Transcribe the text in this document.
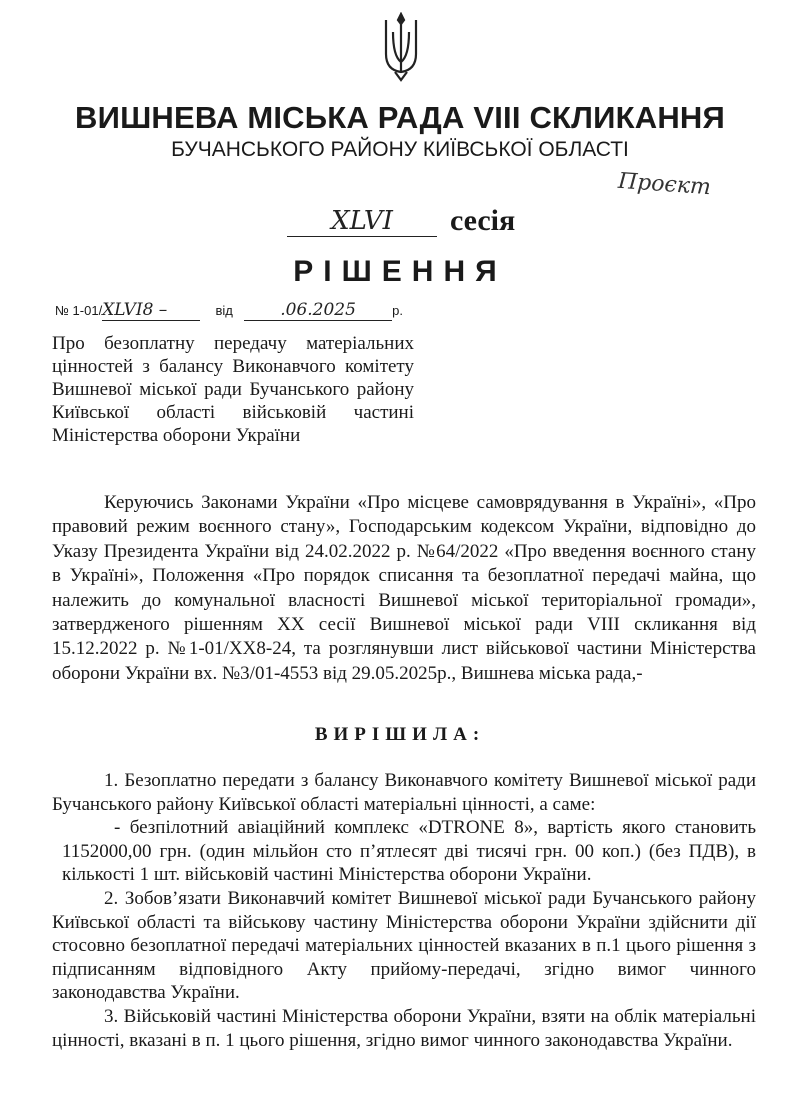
ВИШНЕВА МІСЬКА РАДА VIII СКЛИКАННЯ
БУЧАНСЬКОГО РАЙОНУ КИЇВСЬКОЇ ОБЛАСТІ
Проєкт
XLVI	сесія
РІШЕННЯ
№ 1-01/XLVI8 –	від	.06.2025	р.
Про безоплатну передачу матеріальних цінностей з балансу Виконавчого комітету Вишневої міської ради Бучанського району Київської області військовій частині Міністерства оборони України

Керуючись Законами України «Про місцеве самоврядування в Україні», «Про правовий режим воєнного стану», Господарським кодексом України, відповідно до Указу Президента України від 24.02.2022 р. №64/2022 «Про введення воєнного стану в Україні», Положення «Про порядок списання та безоплатної передачі майна, що належить до комунальної власності Вишневої міської територіальної громади», затвердженого рішенням XX сесії Вишневої міської ради VIII скликання від 15.12.2022 р. №1-01/XX8-24, та розглянувши лист військової частини Міністерства оборони України вх. №3/01-4553 від 29.05.2025р., Вишнева міська рада,-

ВИРІШИЛА:

1. Безоплатно передати з балансу Виконавчого комітету Вишневої міської ради Бучанського району Київської області матеріальні цінності, а саме:

- безпілотний авіаційний комплекс «DTRONE 8», вартість якого становить 1152000,00 грн. (один мільйон сто п’ятлесят дві тисячі грн. 00 коп.) (без ПДВ), в кількості 1 шт. військовій частині Міністерства оборони України.

2. Зобов’язати Виконавчий комітет Вишневої міської ради Бучанського району Київської області та військову частину Міністерства оборони України здійснити дії стосовно безоплатної передачі матеріальних цінностей вказаних в п.1 цього рішення з підписанням відповідного Акту прийому-передачі, згідно вимог чинного законодавства України.

3. Військовій частині Міністерства оборони України, взяти на облік матеріальні цінності, вказані в п. 1 цього рішення, згідно вимог чинного законодавства України.
